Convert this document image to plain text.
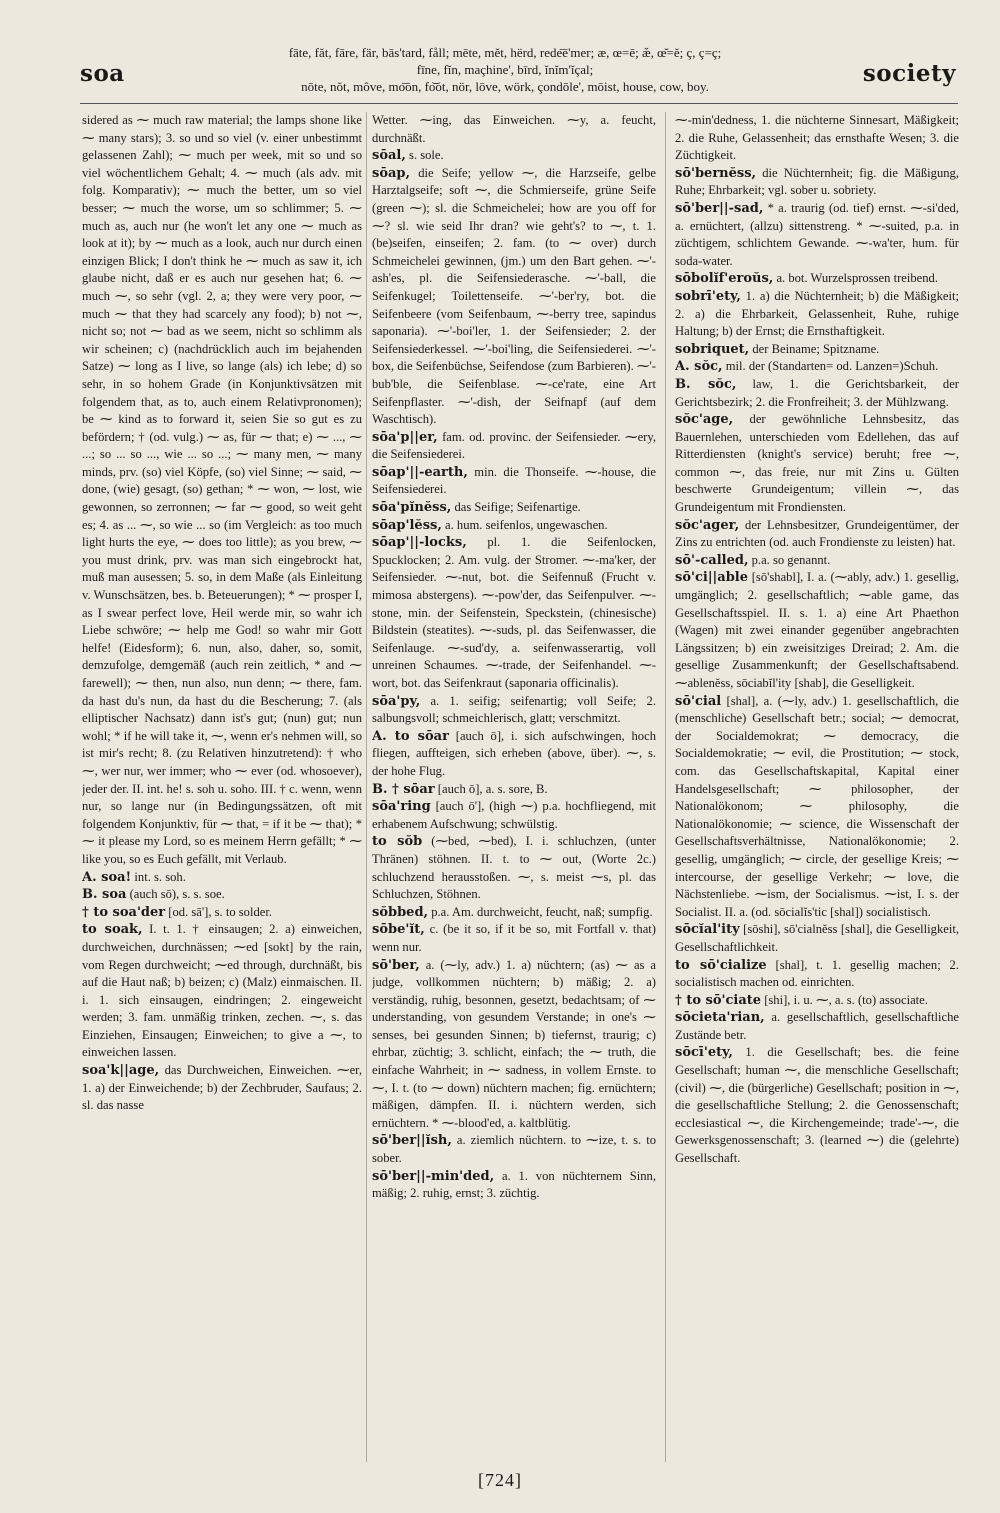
soa
fāte, făt, fāre, fär, bās'tard, fåll; mēte, mĕt, hërd, rede͞e'mer; æ, œ=ē; æ̆, œ̆=ĕ; ç, ç=ç;
fīne, fĭn, maçhine', bīrd, ĭnĭm'ĭçal;
nōte, nŏt, môve, mo͞on, fo͝ot, nör, lōve, wörk, çondōle', mōist, house, cow, boy.	society

sidered as ⁓ much raw material; the lamps shone like ⁓ many stars); 3. so und so viel (v. einer unbestimmt gelassenen Zahl); ⁓ much per week, mit so und so viel wöchentlichem Gehalt; 4. ⁓ much (als adv. mit folg. Komparativ); ⁓ much the better, um so viel besser; ⁓ much the worse, um so schlimmer; 5. ⁓ much as, auch nur (he won't let any one ⁓ much as look at it); by ⁓ much as a look, auch nur durch einen einzigen Blick; I don't think he ⁓ much as saw it, ich glaube nicht, daß er es auch nur gesehen hat; 6. ⁓ much ⁓, so sehr (vgl. 2, a; they were very poor, ⁓ much ⁓ that they had scarcely any food); b) not ⁓, nicht so; not ⁓ bad as we seem, nicht so schlimm als wir scheinen; c) (nachdrücklich auch im bejahenden Satze) ⁓ long as I live, so lange (als) ich lebe; d) so sehr, in so hohem Grade (in Konjunktivsätzen mit folgendem that, as to, auch einem Relativpronomen); be ⁓ kind as to forward it, seien Sie so gut es zu befördern; † (od. vulg.) ⁓ as, für ⁓ that; e) ⁓ ..., ⁓ ...; so ... so ..., wie ... so ...; ⁓ many men, ⁓ many minds, prv. (so) viel Köpfe, (so) viel Sinne; ⁓ said, ⁓ done, (wie) gesagt, (so) gethan; * ⁓ won, ⁓ lost, wie gewonnen, so zerronnen; ⁓ far ⁓ good, so weit geht es; 4. as ... ⁓, so wie ... so (im Vergleich: as too much light hurts the eye, ⁓ does too little); as you brew, ⁓ you must drink, prv. was man sich eingebrockt hat, muß man ausessen; 5. so, in dem Maße (als Einleitung v. Wunschsätzen, bes. b. Beteuerungen); * ⁓ prosper I, as I swear perfect love, Heil werde mir, so wahr ich Liebe schwöre; ⁓ help me God! so wahr mir Gott helfe! (Eidesform); 6. nun, also, daher, so, somit, demzufolge, demgemäß (auch rein zeitlich, * and ⁓ farewell); ⁓ then, nun also, nun denn; ⁓ there, fam. da hast du's nun, da hast du die Bescherung; 7. (als elliptischer Nachsatz) dann ist's gut; (nun) gut; nun wohl; * if he will take it, ⁓, wenn er's nehmen will, so ist mir's recht; 8. (zu Relativen hinzutretend): † who ⁓, wer nur, wer immer; who ⁓ ever (od. whosoever), jeder der. II. int. he! s. soh u. soho. III. † c. wenn, wenn nur, so lange nur (in Bedingungssätzen, oft mit folgendem Konjunktiv, für ⁓ that, = if it be ⁓ that); * ⁓ it please my Lord, so es meinem Herrn gefällt; * ⁓ like you, so es Euch gefällt, mit Verlaub.

A. soa! int. s. soh.

B. soa (auch sō), s. s. soe.

† to soa'der [od. sā'], s. to solder.

to soak, I. t. 1. † einsaugen; 2. a) einweichen, durchweichen, durchnässen; ⁓ed [sokt] by the rain, vom Regen durchweicht; ⁓ed through, durchnäßt, bis auf die Haut naß; b) beizen; c) (Malz) einmaischen. II. i. 1. sich einsaugen, eindringen; 2. eingeweicht werden; 3. fam. unmäßig trinken, zechen. ⁓, s. das Einziehen, Einsaugen; Einweichen; to give a ⁓, to einweichen lassen.

soa'k||age, das Durchweichen, Einweichen. ⁓er, 1. a) der Einweichende; b) der Zechbruder, Saufaus; 2. sl. das nasse

Wetter. ⁓ing, das Einweichen. ⁓y, a. feucht, durchnäßt.

sōal, s. sole.

sōap, die Seife; yellow ⁓, die Harzseife, gelbe Harztalgseife; soft ⁓, die Schmierseife, grüne Seife (green ⁓); sl. die Schmeichelei; how are you off for ⁓? sl. wie seid Ihr dran? wie geht's? to ⁓, t. 1. (be)seifen, einseifen; 2. fam. (to ⁓ over) durch Schmeichelei gewinnen, (jm.) um den Bart gehen. ⁓'-ash'es, pl. die Seifensiederasche. ⁓'-ball, die Seifenkugel; Toilettenseife. ⁓'-ber'ry, bot. die Seifenbeere (vom Seifenbaum, ⁓-berry tree, sapindus saponaria). ⁓'-boi'ler, 1. der Seifensieder; 2. der Seifensiederkessel. ⁓'-boi'ling, die Seifensiederei. ⁓'-box, die Seifenbüchse, Seifendose (zum Barbieren). ⁓'-bub'ble, die Seifenblase. ⁓-ce'rate, eine Art Seifenpflaster. ⁓'-dish, der Seifnapf (auf dem Waschtisch).

sōa'p||er, fam. od. provinc. der Seifensieder. ⁓ery, die Seifensiederei.

sōap'||-earth, min. die Thonseife. ⁓-house, die Seifensiederei.

sōa'pĭnĕss, das Seifige; Seifenartige.

sōap'lĕss, a. hum. seifenlos, ungewaschen.

sōap'||-locks, pl. 1. die Seifenlocken, Spucklocken; 2. Am. vulg. der Stromer. ⁓-ma'ker, der Seifensieder. ⁓-nut, bot. die Seifennuß (Frucht v. mimosa abstergens). ⁓-pow'der, das Seifenpulver. ⁓-stone, min. der Seifenstein, Speckstein, (chinesische) Bildstein (steatites). ⁓-suds, pl. das Seifenwasser, die Seifenlauge. ⁓-sud'dy, a. seifenwasserartig, voll unreinen Schaumes. ⁓-trade, der Seifenhandel. ⁓-wort, bot. das Seifenkraut (saponaria officinalis).

sōa'py, a. 1. seifig; seifenartig; voll Seife; 2. salbungsvoll; schmeichlerisch, glatt; verschmitzt.

A. to sōar [auch ō], i. sich aufschwingen, hoch fliegen, auffteigen, sich erheben (above, über). ⁓, s. der hohe Flug.

B. † sōar [auch ō], a. s. sore, B.

sōa'ring [auch ō'], (high ⁓) p.a. hochfliegend, mit erhabenem Aufschwung; schwülstig.

to sŏb (⁓bed, ⁓bed), I. i. schluchzen, (unter Thränen) stöhnen. II. t. to ⁓ out, (Worte 2c.) schluchzend herausstoßen. ⁓, s. meist ⁓s, pl. das Schluchzen, Stöhnen.

sŏbbed, p.a. Am. durchweicht, feucht, naß; sumpfig.

sōbe'ĭt, c. (be it so, if it be so, mit Fortfall v. that) wenn nur.

sō'ber, a. (⁓ly, adv.) 1. a) nüchtern; (as) ⁓ as a judge, vollkommen nüchtern; b) mäßig; 2. a) verständig, ruhig, besonnen, gesetzt, bedachtsam; of ⁓ understanding, von gesundem Verstande; in one's ⁓ senses, bei gesunden Sinnen; b) tiefernst, traurig; c) ehrbar, züchtig; 3. schlicht, einfach; the ⁓ truth, die einfache Wahrheit; in ⁓ sadness, in vollem Ernste. to ⁓, I. t. (to ⁓ down) nüchtern machen; fig. ernüchtern; mäßigen, dämpfen. II. i. nüchtern werden, sich ernüchtern. * ⁓-blood'ed, a. kaltblütig.

sō'ber||ĭsh, a. ziemlich nüchtern. to ⁓ize, t. s. to sober.

sō'ber||-min'ded, a. 1. von nüchternem Sinn, mäßig; 2. ruhig, ernst; 3. züchtig.

⁓-min'dedness, 1. die nüchterne Sinnesart, Mäßigkeit; 2. die Ruhe, Gelassenheit; das ernsthafte Wesen; 3. die Züchtigkeit.

sō'bernĕss, die Nüchternheit; fig. die Mäßigung, Ruhe; Ehrbarkeit; vgl. sober u. sobriety.

sō'ber||-sad, * a. traurig (od. tief) ernst. ⁓-si'ded, a. ernüchtert, (allzu) sittenstreng. * ⁓-suited, p.a. in züchtigem, schlichtem Gewande. ⁓-wa'ter, hum. für soda-water.

sōbolĭf'eroŭs, a. bot. Wurzelsprossen treibend.

sobrī'ety, 1. a) die Nüchternheit; b) die Mäßigkeit; 2. a) die Ehrbarkeit, Gelassenheit, Ruhe, ruhige Haltung; b) der Ernst; die Ernsthaftigkeit.

sobriquet, der Beiname; Spitzname.

A. sŏc, mil. der (Standarten= od. Lanzen=)Schuh.

B. sŏc, law, 1. die Gerichtsbarkeit, der Gerichtsbezirk; 2. die Fronfreiheit; 3. der Mühlzwang.

sŏc'age, der gewöhnliche Lehnsbesitz, das Bauernlehen, unterschieden vom Edellehen, das auf Ritterdiensten (knight's service) beruht; free ⁓, common ⁓, das freie, nur mit Zins u. Gülten beschwerte Grundeigentum; villein ⁓, das Grundeigentum mit Frondiensten.

sŏc'ager, der Lehnsbesitzer, Grundeigentümer, der Zins zu entrichten (od. auch Frondienste zu leisten) hat.

sō'-called, p.a. so genannt.

sō'ci||able [sō'shabl], I. a. (⁓ably, adv.) 1. gesellig, umgänglich; 2. gesellschaftlich; ⁓able game, das Gesellschaftsspiel. II. s. 1. a) eine Art Phaethon (Wagen) mit zwei einander gegenüber angebrachten Längssitzen; b) ein zweisitziges Dreirad; 2. Am. die gesellige Zusammenkunft; der Gesellschaftsabend. ⁓ablenĕss, sōciabĭl'ity [shab], die Geselligkeit.

sō'cial [shal], a. (⁓ly, adv.) 1. gesellschaftlich, die (menschliche) Gesellschaft betr.; social; ⁓ democrat, der Socialdemokrat; ⁓ democracy, die Socialdemokratie; ⁓ evil, die Prostitution; ⁓ stock, com. das Gesellschaftskapital, Kapital einer Handelsgesellschaft; ⁓ philosopher, der Nationalökonom; ⁓ philosophy, die Nationalökonomie; ⁓ science, die Wissenschaft der Gesellschaftsverhältnisse, Nationalökonomie; 2. gesellig, umgänglich; ⁓ circle, der gesellige Kreis; ⁓ intercourse, der gesellige Verkehr; ⁓ love, die Nächstenliebe. ⁓ism, der Socialismus. ⁓ist, I. s. der Socialist. II. a. (od. sōcialĭs'tic [shal]) socialistisch.

sōcĭal'ity [sōshi], sō'cialnĕss [shal], die Geselligkeit, Gesellschaftlichkeit.

to sō'cialize [shal], t. 1. gesellig machen; 2. socialistisch machen od. einrichten.

† to sō'ciate [shi], i. u. ⁓, a. s. (to) associate.

sōcieta'rian, a. gesellschaftlich, gesellschaftliche Zustände betr.

sōcī'ety, 1. die Gesellschaft; bes. die feine Gesellschaft; human ⁓, die menschliche Gesellschaft; (civil) ⁓, die (bürgerliche) Gesellschaft; position in ⁓, die gesellschaftliche Stellung; 2. die Genossenschaft; ecclesiastical ⁓, die Kirchengemeinde; trade'-⁓, die Gewerksgenossenschaft; 3. (learned ⁓) die (gelehrte) Gesellschaft.

[724]
